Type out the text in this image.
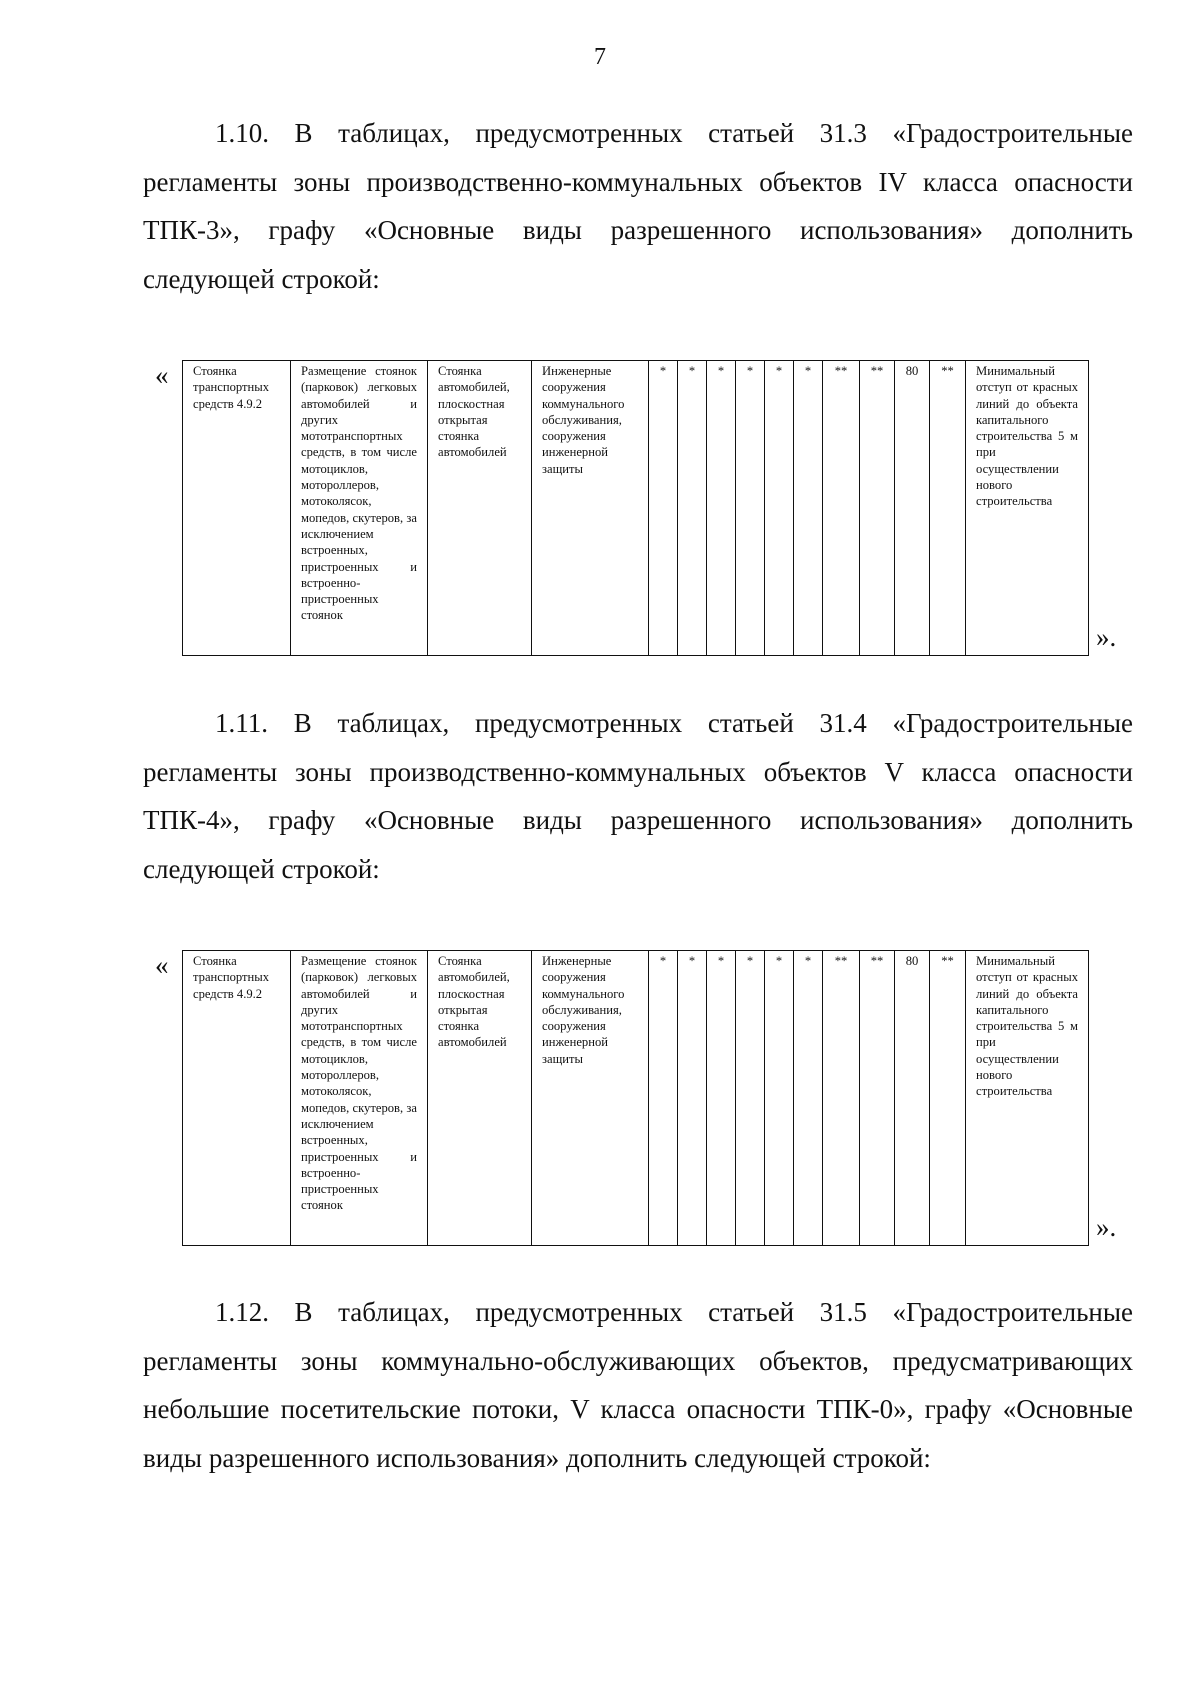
7

1.10. В таблицах, предусмотренных статьей 31.3 «Градостроительные регламенты зоны производственно-коммунальных объектов IV класса опасности ТПК-3», графу «Основные виды разрешенного использования» дополнить следующей строкой:

« Стоянка транспортных средств 4.9.2	Размещение стоянок (парковок) легковых автомобилей и других мототранспортных средств, в том числе мотоциклов, мотороллеров, мотоколясок, мопедов, скутеров, за исключением встроенных, пристроенных и встроенно-пристроенных стоянок	Стоянка автомобилей, плоскостная открытая стоянка автомобилей	Инженерные сооружения коммунального обслуживания, сооружения инженерной защиты	*	*	*	*	*	*	**	**	80	**	Минимальный отступ от красных линий до объекта капитального строительства 5 м при осуществлении нового строительства
».

1.11. В таблицах, предусмотренных статьей 31.4 «Градостроительные регламенты зоны производственно-коммунальных объектов V класса опасности ТПК-4», графу «Основные виды разрешенного использования» дополнить следующей строкой:

« Стоянка транспортных средств 4.9.2	Размещение стоянок (парковок) легковых автомобилей и других мототранспортных средств, в том числе мотоциклов, мотороллеров, мотоколясок, мопедов, скутеров, за исключением встроенных, пристроенных и встроенно-пристроенных стоянок	Стоянка автомобилей, плоскостная открытая стоянка автомобилей	Инженерные сооружения коммунального обслуживания, сооружения инженерной защиты	*	*	*	*	*	*	**	**	80	**	Минимальный отступ от красных линий до объекта капитального строительства 5 м при осуществлении нового строительства
».

1.12. В таблицах, предусмотренных статьей 31.5 «Градостроительные регламенты зоны коммунально-обслуживающих объектов, предусматривающих небольшие посетительские потоки, V класса опасности ТПК-0», графу «Основные виды разрешенного использования» дополнить следующей строкой:
